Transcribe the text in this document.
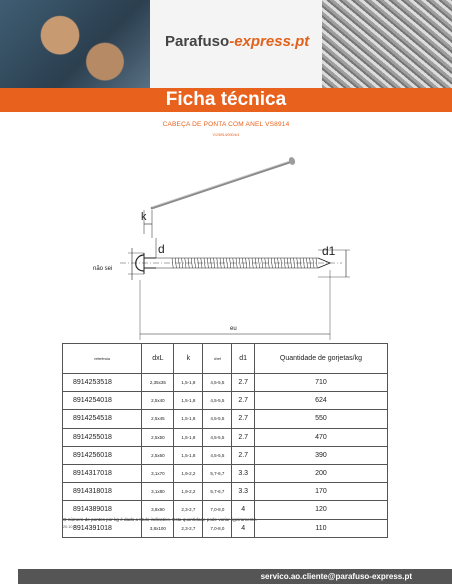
Parafuso-express.pt
Ficha técnica
CABEÇA DE PONTA COM ANEL VS8914
V/2/8914/000/4/4
k
d	d1
não sei
eu
referência	dxL	k	d/ref	d1	Quantidade de gorjetas/kg
8914253518	2,35x35	1,5-1,8	4,5-5,5	2.7	710
8914254018	2,5x40	1,5-1,8	4,5-5,5	2.7	624
8914254518	2,5x45	1,5-1,8	4,5-5,5	2.7	550
8914255018	2,5x50	1,5-1,8	4,5-5,5	2.7	470
8914256018	2,5x60	1,5-1,8	4,5-5,5	2.7	390
8914317018	3,1x70	1,9-2,2	5,7-6,7	3.3	200
8914318018	3,1x80	1,9-2,2	5,7-6,7	3.3	170
8914389018	3,8x90	2,3-2,7	7,0-8,0	4	120
8914391018	3,8x100	2,3-2,7	7,0-8,0	4	110
O número de pontos por kg é dado a título indicativo. Esta quantidade pode variar ligeiramente.
20.10.2
servico.ao.cliente@parafuso-express.pt
